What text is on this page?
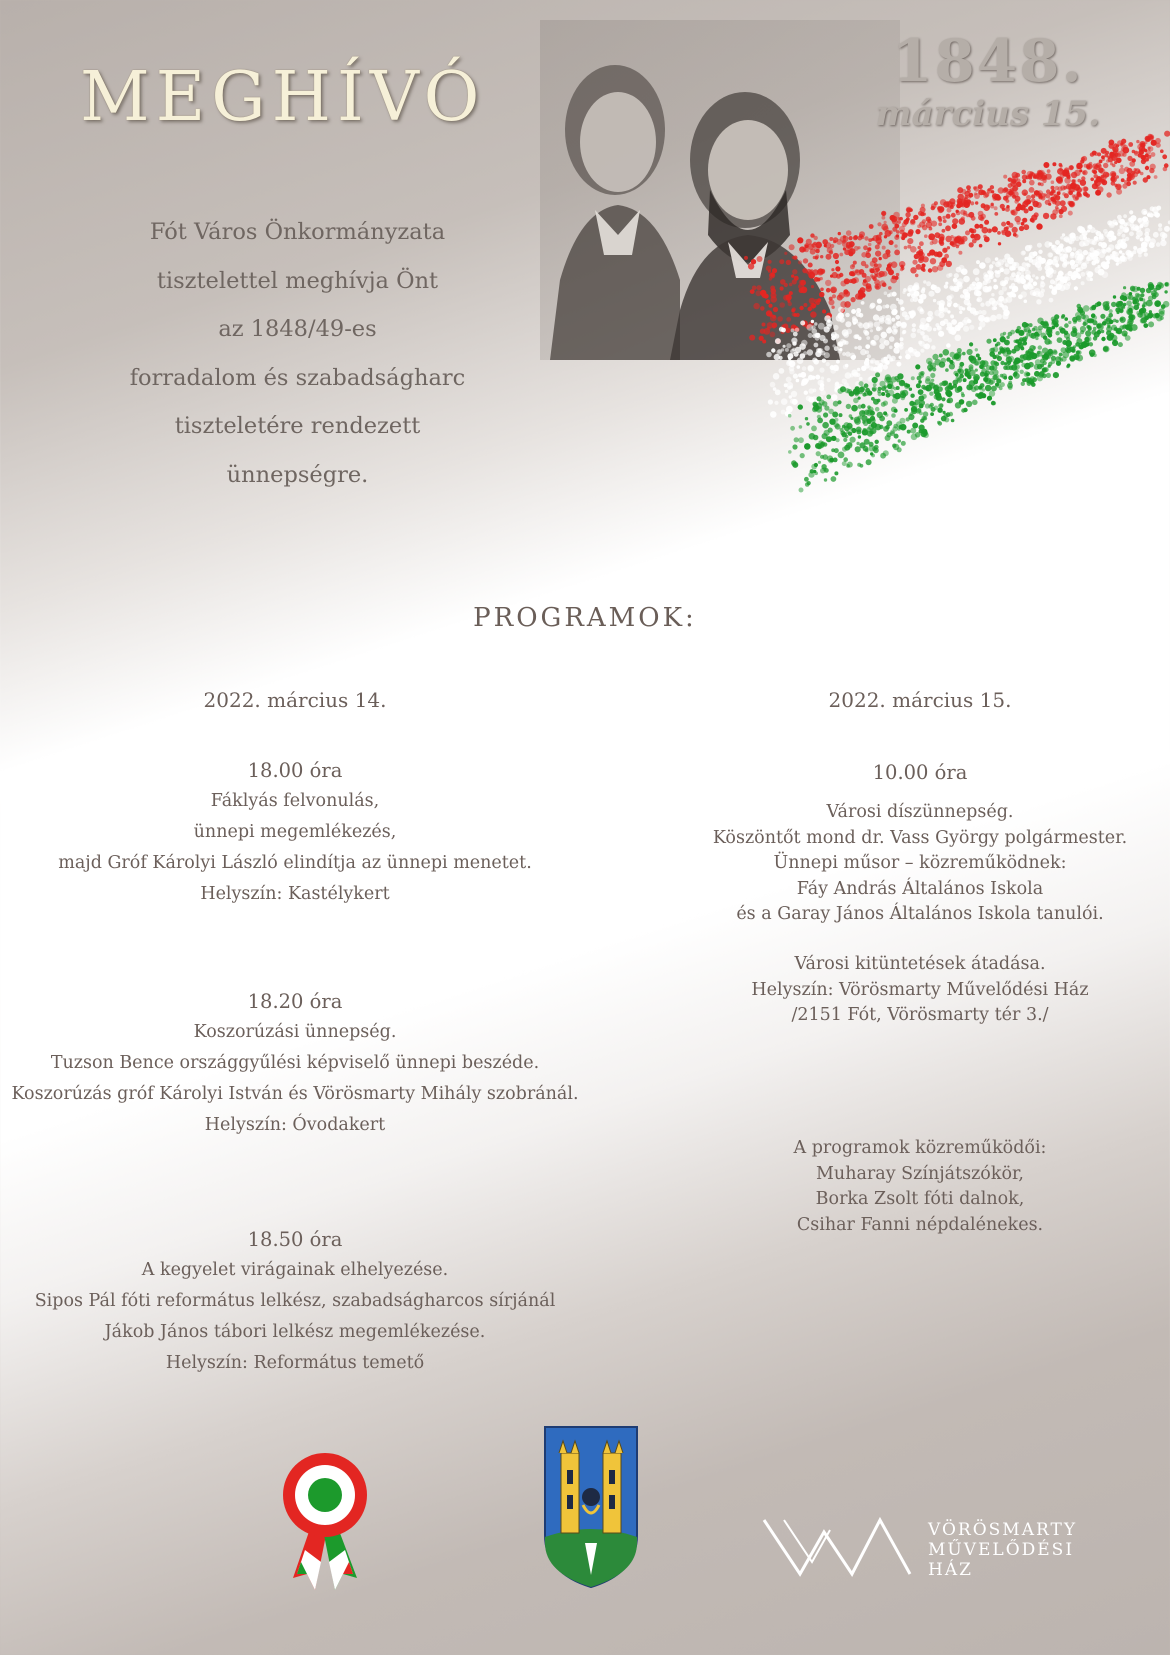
MEGHÍVÓ	1848.
március 15.
Fót Város Önkormányzata
tisztelettel meghívja Önt
az 1848/49-es
forradalom és szabadságharc
tiszteletére rendezett
ünnepségre.
PROGRAMOK:
2022. március 14.
18.00 óra
Fáklyás felvonulás,
ünnepi megemlékezés,
majd Gróf Károlyi László elindítja az ünnepi menetet.
Helyszín: Kastélykert
18.20 óra
Koszorúzási ünnepség.
Tuzson Bence országgyűlési képviselő ünnepi beszéde.
Koszorúzás gróf Károlyi István és Vörösmarty Mihály szobránál.
Helyszín: Óvodakert
18.50 óra
A kegyelet virágainak elhelyezése.
Sipos Pál fóti református lelkész, szabadságharcos sírjánál
Jákob János tábori lelkész megemlékezése.
Helyszín: Református temető
2022. március 15.
10.00 óra
Városi díszünnepség.
Köszöntőt mond dr. Vass György polgármester.
Ünnepi műsor – közreműködnek:
Fáy András Általános Iskola
és a Garay János Általános Iskola tanulói.
Városi kitüntetések átadása.
Helyszín: Vörösmarty Művelődési Ház
/2151 Fót, Vörösmarty tér 3./
A programok közreműködői:
Muharay Színjátszókör,
Borka Zsolt fóti dalnok,
Csihar Fanni népdalénekes.
VÖRÖSMARTY
MŰVELŐDÉSI
HÁZ
